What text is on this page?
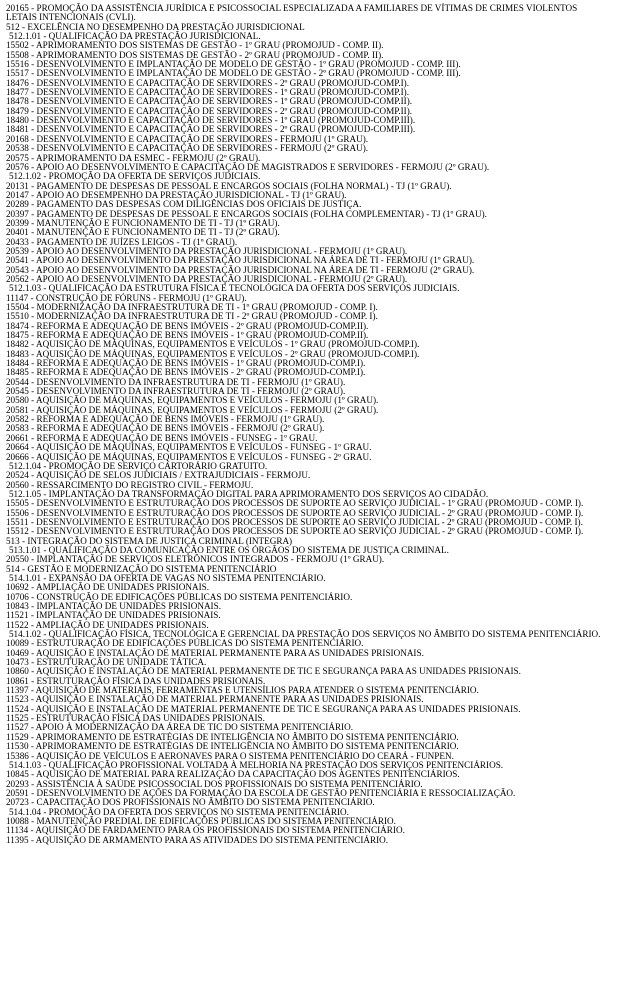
20165 - PROMOÇÃO DA ASSISTÊNCIA JURÍDICA E PSICOSSOCIAL ESPECIALIZADA A FAMILIARES DE VÍTIMAS DE CRIMES VIOLENTOS
LETAIS INTENCIONAIS (CVLI).
512 - EXCELÊNCIA NO DESEMPENHO DA PRESTAÇÃO JURISDICIONAL
512.1.01 - QUALIFICAÇÃO DA PRESTAÇÃO JURISDICIONAL.
15502 - APRIMORAMENTO DOS SISTEMAS DE GESTÃO - 1º GRAU (PROMOJUD - COMP. II).
15508 - APRIMORAMENTO DOS SISTEMAS DE GESTÃO - 2º GRAU (PROMOJUD - COMP. II).
15516 - DESENVOLVIMENTO E IMPLANTAÇÃO DE MODELO DE GESTÃO - 1º GRAU (PROMOJUD - COMP. III).
15517 - DESENVOLVIMENTO E IMPLANTAÇÃO DE MODELO DE GESTÃO - 2º GRAU (PROMOJUD - COMP. III).
18476 - DESENVOLVIMENTO E CAPACITAÇÃO DE SERVIDORES - 2º GRAU (PROMOJUD-COMP.I).
18477 - DESENVOLVIMENTO E CAPACITAÇÃO DE SERVIDORES - 1º GRAU (PROMOJUD-COMP.I).
18478 - DESENVOLVIMENTO E CAPACITAÇÃO DE SERVIDORES - 1º GRAU (PROMOJUD-COMP.II).
18479 - DESENVOLVIMENTO E CAPACITAÇÃO DE SERVIDORES - 2º GRAU (PROMOJUD-COMP.II).
18480 - DESENVOLVIMENTO E CAPACITAÇÃO DE SERVIDORES - 1º GRAU (PROMOJUD-COMP.III).
18481 - DESENVOLVIMENTO E CAPACITAÇÃO DE SERVIDORES - 2º GRAU (PROMOJUD-COMP.III).
20168 - DESENVOLVIMENTO E CAPACITAÇÃO DE SERVIDORES - FERMOJU (1º GRAU).
20538 - DESENVOLVIMENTO E CAPACITAÇÃO DE SERVIDORES - FERMOJU (2º GRAU).
20575 - APRIMORAMENTO DA ESMEC - FERMOJU (2º GRAU).
20576 - APOIO AO DESENVOLVIMENTO E CAPACITAÇÃO DE MAGISTRADOS E SERVIDORES - FERMOJU (2º GRAU).
512.1.02 - PROMOÇÃO DA OFERTA DE SERVIÇOS JUDICIAIS.
20131 - PAGAMENTO DE DESPESAS DE PESSOAL E ENCARGOS SOCIAIS (FOLHA NORMAL) - TJ (1º GRAU).
20147 - APOIO AO DESEMPENHO DA PRESTAÇÃO JURISDICIONAL - TJ (1º GRAU).
20289 - PAGAMENTO DAS DESPESAS COM DILIGÊNCIAS DOS OFICIAIS DE JUSTIÇA.
20397 - PAGAMENTO DE DESPESAS DE PESSOAL E ENCARGOS SOCIAIS (FOLHA COMPLEMENTAR) - TJ (1º GRAU).
20399 - MANUTENÇÃO E FUNCIONAMENTO DE TI - TJ (1º GRAU).
20401 - MANUTENÇÃO E FUNCIONAMENTO DE TI - TJ (2º GRAU).
20433 - PAGAMENTO DE JUÍZES LEIGOS - TJ (1º GRAU).
20539 - APOIO AO DESENVOLVIMENTO DA PRESTAÇÃO JURISDICIONAL - FERMOJU (1º GRAU).
20541 - APOIO AO DESENVOLVIMENTO DA PRESTAÇÃO JURISDICIONAL NA ÁREA DE TI - FERMOJU (1º GRAU).
20543 - APOIO AO DESENVOLVIMENTO DA PRESTAÇÃO JURISDICIONAL NA ÁREA DE TI - FERMOJU (2º GRAU).
20562 - APOIO AO DESENVOLVIMENTO DA PRESTAÇÃO JURISDICIONAL - FERMOJU (2º GRAU).
512.1.03 - QUALIFICAÇÃO DA ESTRUTURA FÍSICA E TECNOLÓGICA DA OFERTA DOS SERVIÇOS JUDICIAIS.
11147 - CONSTRUÇÃO DE FÓRUNS - FERMOJU (1º GRAU).
15504 - MODERNIZAÇÃO DA INFRAESTRUTURA DE TI - 1º GRAU (PROMOJUD - COMP. I).
15510 - MODERNIZAÇÃO DA INFRAESTRUTURA DE TI - 2º GRAU (PROMOJUD - COMP. I).
18474 - REFORMA E ADEQUAÇÃO DE BENS IMÓVEIS - 2º GRAU (PROMOJUD-COMP.II).
18475 - REFORMA E ADEQUAÇÃO DE BENS IMÓVEIS - 1º GRAU (PROMOJUD-COMP.II).
18482 - AQUISIÇÃO DE MÁQUINAS, EQUIPAMENTOS E VEÍCULOS - 1º GRAU (PROMOJUD-COMP.I).
18483 - AQUISIÇÃO DE MÁQUINAS, EQUIPAMENTOS E VEÍCULOS - 2º GRAU (PROMOJUD-COMP.I).
18484 - REFORMA E ADEQUAÇÃO DE BENS IMÓVEIS - 1º GRAU (PROMOJUD-COMP.I).
18485 - REFORMA E ADEQUAÇÃO DE BENS IMÓVEIS - 2º GRAU (PROMOJUD-COMP.I).
20544 - DESENVOLVIMENTO DA INFRAESTRUTURA DE TI - FERMOJU (1º GRAU).
20545 - DESENVOLVIMENTO DA INFRAESTRUTURA DE TI - FERMOJU (2º GRAU).
20580 - AQUISIÇÃO DE MÁQUINAS, EQUIPAMENTOS E VEÍCULOS - FERMOJU (1º GRAU).
20581 - AQUISIÇÃO DE MÁQUINAS, EQUIPAMENTOS E VEÍCULOS - FERMOJU (2º GRAU).
20582 - REFORMA E ADEQUAÇÃO DE BENS IMÓVEIS - FERMOJU (1º GRAU).
20583 - REFORMA E ADEQUAÇÃO DE BENS IMÓVEIS - FERMOJU (2º GRAU).
20661 - REFORMA E ADEQUAÇÃO DE BENS IMÓVEIS - FUNSEG - 1º GRAU.
20664 - AQUISIÇÃO DE MÁQUINAS, EQUIPAMENTOS E VEÍCULOS - FUNSEG - 1º GRAU.
20666 - AQUISIÇÃO DE MÁQUINAS, EQUIPAMENTOS E VEÍCULOS - FUNSEG - 2º GRAU.
512.1.04 - PROMOÇÃO DE SERVIÇO CARTORÁRIO GRATUITO.
20524 - AQUISIÇÃO DE SELOS JUDICIAIS / EXTRAJUDICIAIS - FERMOJU.
20560 - RESSARCIMENTO DO REGISTRO CIVIL - FERMOJU.
512.1.05 - IMPLANTAÇÃO DA TRANSFORMAÇÃO DIGITAL PARA APRIMORAMENTO DOS SERVIÇOS AO CIDADÃO.
15505 - DESENVOLVIMENTO E ESTRUTURAÇÃO DOS PROCESSOS DE SUPORTE AO SERVIÇO JUDICIAL - 1º GRAU (PROMOJUD - COMP. I).
15506 - DESENVOLVIMENTO E ESTRUTURAÇÃO DOS PROCESSOS DE SUPORTE AO SERVIÇO JUDICIAL - 2º GRAU (PROMOJUD - COMP. I).
15511 - DESENVOLVIMENTO E ESTRUTURAÇÃO DOS PROCESSOS DE SUPORTE AO SERVIÇO JUDICIAL - 2º GRAU (PROMOJUD - COMP. I).
15512 - DESENVOLVIMENTO E ESTRUTURAÇÃO DOS PROCESSOS DE SUPORTE AO SERVIÇO JUDICIAL - 2º GRAU (PROMOJUD - COMP. I).
513 - INTEGRAÇÃO DO SISTEMA DE JUSTIÇA CRIMINAL (INTEGRA)
513.1.01 - QUALIFICAÇÃO DA COMUNICAÇÃO ENTRE OS ÓRGÃOS DO SISTEMA DE JUSTIÇA CRIMINAL.
20550 - IMPLANTAÇÃO DE SERVIÇOS ELETRÔNICOS INTEGRADOS - FERMOJU (1º GRAU).
514 - GESTÃO E MODERNIZAÇÃO DO SISTEMA PENITENCIÁRIO
514.1.01 - EXPANSÃO DA OFERTA DE VAGAS NO SISTEMA PENITENCIÁRIO.
10692 - AMPLIAÇÃO DE UNIDADES PRISIONAIS.
10706 - CONSTRUÇÃO DE EDIFICAÇÕES PÚBLICAS DO SISTEMA PENITENCIÁRIO.
10843 - IMPLANTAÇÃO DE UNIDADES PRISIONAIS.
11521 - IMPLANTAÇÃO DE UNIDADES PRISIONAIS.
11522 - AMPLIAÇÃO DE UNIDADES PRISIONAIS.
514.1.02 - QUALIFICAÇÃO FÍSICA, TECNOLÓGICA E GERENCIAL DA PRESTAÇÃO DOS SERVIÇOS NO ÂMBITO DO SISTEMA PENITENCIÁRIO.
10089 - ESTRUTURAÇÃO DE EDIFICAÇÕES PÚBLICAS DO SISTEMA PENITENCIÁRIO.
10469 - AQUISIÇÃO E INSTALAÇÃO DE MATERIAL PERMANENTE PARA AS UNIDADES PRISIONAIS.
10473 - ESTRUTURAÇÃO DE UNIDADE TÁTICA.
10860 - AQUISIÇÃO E INSTALAÇÃO DE MATERIAL PERMANENTE DE TIC E SEGURANÇA PARA AS UNIDADES PRISIONAIS.
10861 - ESTRUTURAÇÃO FÍSICA DAS UNIDADES PRISIONAIS.
11397 - AQUISIÇÃO DE MATERIAIS, FERRAMENTAS E UTENSÍLIOS PARA ATENDER O SISTEMA PENITENCIÁRIO.
11523 - AQUISIÇÃO E INSTALAÇÃO DE MATERIAL PERMANENTE PARA AS UNIDADES PRISIONAIS.
11524 - AQUISIÇÃO E INSTALAÇÃO DE MATERIAL PERMANENTE DE TIC E SEGURANÇA PARA AS UNIDADES PRISIONAIS.
11525 - ESTRUTURAÇÃO FÍSICA DAS UNIDADES PRISIONAIS.
11527 - APOIO À MODERNIZAÇÃO DA ÁREA DE TIC DO SISTEMA PENITENCIÁRIO.
11529 - APRIMORAMENTO DE ESTRATÉGIAS DE INTELIGÊNCIA NO ÂMBITO DO SISTEMA PENITENCIÁRIO.
11530 - APRIMORAMENTO DE ESTRATÉGIAS DE INTELIGÊNCIA NO ÂMBITO DO SISTEMA PENITENCIÁRIO.
15386 - AQUISIÇÃO DE VEÍCULOS E AERONAVES PARA O SISTEMA PENITENCIÁRIO DO CEARÁ - FUNPEN.
514.1.03 - QUALIFICAÇÃO PROFISSIONAL VOLTADA À MELHORIA NA PRESTAÇÃO DOS SERVIÇOS PENITENCIÁRIOS.
10845 - AQUISIÇÃO DE MATERIAL PARA REALIZAÇÃO DA CAPACITAÇÃO DOS AGENTES PENITENCIÁRIOS.
20293 - ASSISTÊNCIA À SAÚDE PSICOSSOCIAL DOS PROFISSIONAIS DO SISTEMA PENITENCIÁRIO.
20591 - DESENVOLVIMENTO DE AÇÕES DA FORMAÇÃO DA ESCOLA DE GESTÃO PENITENCIÁRIA E RESSOCIALIZAÇÃO.
20723 - CAPACITAÇÃO DOS PROFISSIONAIS NO ÂMBITO DO SISTEMA PENITENCIÁRIO.
514.1.04 - PROMOÇÃO DA OFERTA DOS SERVIÇOS NO SISTEMA PENITENCIÁRIO.
10088 - MANUTENÇÃO PREDIAL DE EDIFICAÇÕES PÚBLICAS DO SISTEMA PENITENCIÁRIO.
11134 - AQUISIÇÃO DE FARDAMENTO PARA OS PROFISSIONAIS DO SISTEMA PENITENCIÁRIO.
11395 - AQUISIÇÃO DE ARMAMENTO PARA AS ATIVIDADES DO SISTEMA PENITENCIÁRIO.
